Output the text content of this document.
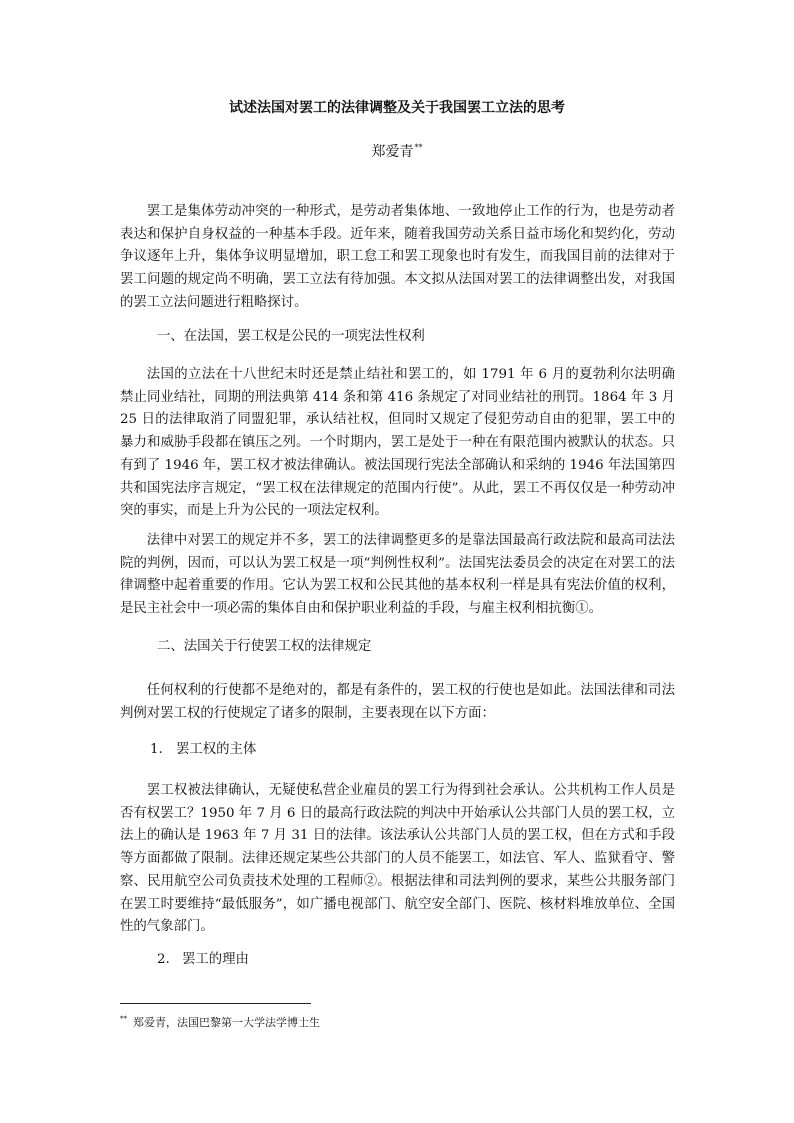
试述法国对罢工的法律调整及关于我国罢工立法的思考
郑爱青**

罢工是集体劳动冲突的一种形式，是劳动者集体地、一致地停止工作的行为，也是劳动者表达和保护自身权益的一种基本手段。近年来，随着我国劳动关系日益市场化和契约化，劳动争议逐年上升，集体争议明显增加，职工怠工和罢工现象也时有发生，而我国目前的法律对于罢工问题的规定尚不明确，罢工立法有待加强。本文拟从法国对罢工的法律调整出发，对我国的罢工立法问题进行粗略探讨。

一、在法国，罢工权是公民的一项宪法性权利

法国的立法在十八世纪末时还是禁止结社和罢工的，如 1791 年 6 月的夏勃利尔法明确禁止同业结社，同期的刑法典第 414 条和第 416 条规定了对同业结社的刑罚。1864 年 3 月 25 日的法律取消了同盟犯罪，承认结社权，但同时又规定了侵犯劳动自由的犯罪，罢工中的暴力和威胁手段都在镇压之列。一个时期内，罢工是处于一种在有限范围内被默认的状态。只有到了 1946 年，罢工权才被法律确认。被法国现行宪法全部确认和采纳的 1946 年法国第四共和国宪法序言规定，“罢工权在法律规定的范围内行使”。从此，罢工不再仅仅是一种劳动冲突的事实，而是上升为公民的一项法定权利。

法律中对罢工的规定并不多，罢工的法律调整更多的是靠法国最高行政法院和最高司法法院的判例，因而，可以认为罢工权是一项“判例性权利”。法国宪法委员会的决定在对罢工的法律调整中起着重要的作用。它认为罢工权和公民其他的基本权利一样是具有宪法价值的权利，是民主社会中一项必需的集体自由和保护职业利益的手段，与雇主权利相抗衡①。

二、法国关于行使罢工权的法律规定

任何权利的行使都不是绝对的，都是有条件的，罢工权的行使也是如此。法国法律和司法判例对罢工权的行使规定了诸多的限制，主要表现在以下方面：

1. 罢工权的主体

罢工权被法律确认，无疑使私营企业雇员的罢工行为得到社会承认。公共机构工作人员是否有权罢工？1950 年 7 月 6 日的最高行政法院的判决中开始承认公共部门人员的罢工权，立法上的确认是 1963 年 7 月 31 日的法律。该法承认公共部门人员的罢工权，但在方式和手段等方面都做了限制。法律还规定某些公共部门的人员不能罢工，如法官、军人、监狱看守、警察、民用航空公司负责技术处理的工程师②。根据法律和司法判例的要求，某些公共服务部门在罢工时要维持“最低服务”，如广播电视部门、航空安全部门、医院、核材料堆放单位、全国性的气象部门。

2. 罢工的理由

** 郑爱青，法国巴黎第一大学法学博士生
